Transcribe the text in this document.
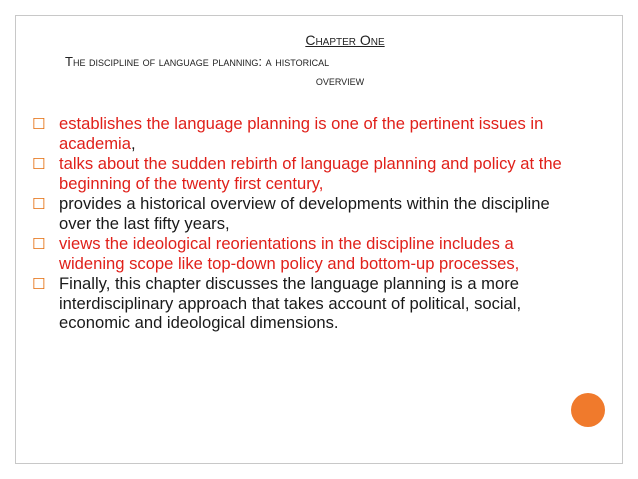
Chapter One
The discipline of language planning: a historical
overview
☐ establishes the language planning is one of the pertinent issues in academia,
☐ talks about the sudden rebirth of language planning and policy at the beginning of the twenty first century,
☐ provides a historical overview of developments within the discipline over the last fifty years,
☐ views the ideological reorientations in the discipline includes a widening scope like top-down policy and bottom-up processes,
☐ Finally, this chapter discusses the language planning is a more interdisciplinary approach that takes account of political, social, economic and ideological dimensions.
